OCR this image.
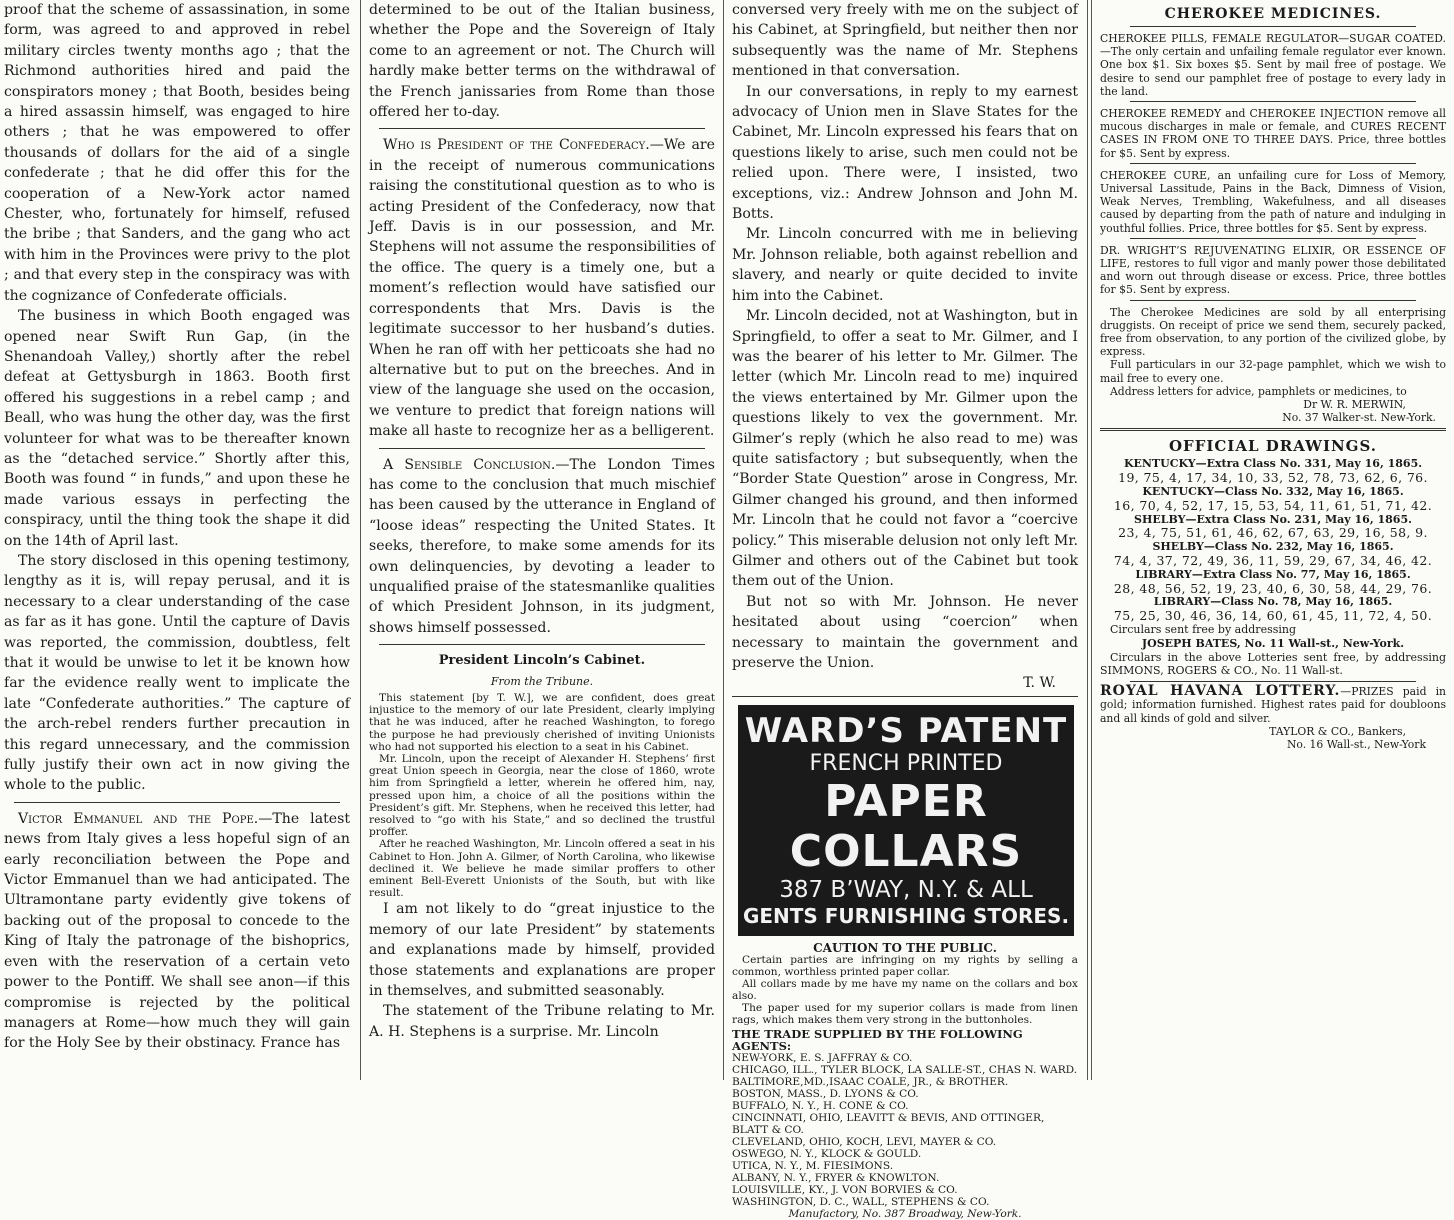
proof that the scheme of assassination, in some form, was agreed to and approved in rebel military circles twenty months ago ; that the Richmond authorities hired and paid the conspirators money ; that Booth, besides being a hired assassin himself, was engaged to hire others ; that he was empowered to offer thousands of dollars for the aid of a single confederate ; that he did offer this for the cooperation of a New-York actor named Chester, who, fortunately for himself, refused the bribe ; that Sanders, and the gang who act with him in the Provinces were privy to the plot ; and that every step in the conspiracy was with the cognizance of Confederate officials.

The business in which Booth engaged was opened near Swift Run Gap, (in the Shenandoah Valley,) shortly after the rebel defeat at Gettysburgh in 1863. Booth first offered his suggestions in a rebel camp ; and Beall, who was hung the other day, was the first volunteer for what was to be thereafter known as the “detached service.” Shortly after this, Booth was found “ in funds,” and upon these he made various essays in perfecting the conspiracy, until the thing took the shape it did on the 14th of April last.

The story disclosed in this opening testimony, lengthy as it is, will repay perusal, and it is necessary to a clear understanding of the case as far as it has gone. Until the capture of Davis was reported, the commission, doubtless, felt that it would be unwise to let it be known how far the evidence really went to implicate the late “Confederate authorities.” The capture of the arch-rebel renders further precaution in this regard unnecessary, and the commission fully justify their own act in now giving the whole to the public.

Victor Emmanuel and the Pope.—The latest news from Italy gives a less hopeful sign of an early reconciliation between the Pope and Victor Emmanuel than we had anticipated. The Ultramontane party evidently give tokens of backing out of the proposal to concede to the King of Italy the patronage of the bishoprics, even with the reservation of a certain veto power to the Pontiff. We shall see anon—if this compromise is rejected by the political managers at Rome—how much they will gain for the Holy See by their obstinacy. France has

determined to be out of the Italian business, whether the Pope and the Sovereign of Italy come to an agreement or not. The Church will hardly make better terms on the withdrawal of the French janissaries from Rome than those offered her to-day.

Who is President of the Confederacy.—We are in the receipt of numerous communications raising the constitutional question as to who is acting President of the Confederacy, now that Jeff. Davis is in our possession, and Mr. Stephens will not assume the responsibilities of the office. The query is a timely one, but a moment’s reflection would have satisfied our correspondents that Mrs. Davis is the legitimate successor to her husband’s duties. When he ran off with her petticoats she had no alternative but to put on the breeches. And in view of the language she used on the occasion, we venture to predict that foreign nations will make all haste to recognize her as a belligerent.

A Sensible Conclusion.—The London Times has come to the conclusion that much mischief has been caused by the utterance in England of “loose ideas” respecting the United States. It seeks, therefore, to make some amends for its own delinquencies, by devoting a leader to unqualified praise of the statesmanlike qualities of which President Johnson, in its judgment, shows himself possessed.

President Lincoln’s Cabinet.
From the Tribune.

This statement [by T. W.], we are confident, does great injustice to the memory of our late President, clearly implying that he was induced, after he reached Washington, to forego the purpose he had previously cherished of inviting Unionists who had not supported his election to a seat in his Cabinet.

Mr. Lincoln, upon the receipt of Alexander H. Stephens’ first great Union speech in Georgia, near the close of 1860, wrote him from Springfield a letter, wherein he offered him, nay, pressed upon him, a choice of all the positions within the President’s gift. Mr. Stephens, when he received this letter, had resolved to “go with his State,” and so declined the trustful proffer.

After he reached Washington, Mr. Lincoln offered a seat in his Cabinet to Hon. John A. Gilmer, of North Carolina, who likewise declined it. We believe he made similar proffers to other eminent Bell-Everett Unionists of the South, but with like result.

I am not likely to do “great injustice to the memory of our late President” by statements and explanations made by himself, provided those statements and explanations are proper in themselves, and submitted seasonably.

The statement of the Tribune relating to Mr. A. H. Stephens is a surprise. Mr. Lincoln

conversed very freely with me on the subject of his Cabinet, at Springfield, but neither then nor subsequently was the name of Mr. Stephens mentioned in that conversation.

In our conversations, in reply to my earnest advocacy of Union men in Slave States for the Cabinet, Mr. Lincoln expressed his fears that on questions likely to arise, such men could not be relied upon. There were, I insisted, two exceptions, viz.: Andrew Johnson and John M. Botts.

Mr. Lincoln concurred with me in believing Mr. Johnson reliable, both against rebellion and slavery, and nearly or quite decided to invite him into the Cabinet.

Mr. Lincoln decided, not at Washington, but in Springfield, to offer a seat to Mr. Gilmer, and I was the bearer of his letter to Mr. Gilmer. The letter (which Mr. Lincoln read to me) inquired the views entertained by Mr. Gilmer upon the questions likely to vex the government. Mr. Gilmer’s reply (which he also read to me) was quite satisfactory ; but subsequently, when the “Border State Question” arose in Congress, Mr. Gilmer changed his ground, and then informed Mr. Lincoln that he could not favor a “coercive policy.” This miserable delusion not only left Mr. Gilmer and others out of the Cabinet but took them out of the Union.

But not so with Mr. Johnson. He never hesitated about using “coercion” when necessary to maintain the government and preserve the Union.

T. W.
WARD’S PATENT
FRENCH PRINTED
PAPER COLLARS
387 B’WAY, N.Y. & ALL
GENTS FURNISHING STORES.
CAUTION TO THE PUBLIC.

Certain parties are infringing on my rights by selling a common, worthless printed paper collar.

All collars made by me have my name on the collars and box also.

The paper used for my superior collars is made from linen rags, which makes them very strong in the buttonholes.

THE TRADE SUPPLIED BY THE FOLLOWING AGENTS:
NEW-YORK, E. S. JAFFRAY & CO.
CHICAGO, ILL., TYLER BLOCK, LA SALLE-ST., CHAS N. WARD.
BALTIMORE,MD.,ISAAC COALE, JR., & BROTHER.
BOSTON, MASS., D. LYONS & CO.
BUFFALO, N. Y., H. CONE & CO.
CINCINNATI, OHIO, LEAVITT & BEVIS, AND OTTINGER, BLATT & CO.
CLEVELAND, OHIO, KOCH, LEVI, MAYER & CO.
OSWEGO, N. Y., KLOCK & GOULD.
UTICA, N. Y., M. FIESIMONS.
ALBANY, N. Y., FRYER & KNOWLTON.
LOUISVILLE, KY., J. VON BORVIES & CO.
WASHINGTON, D. C., WALL, STEPHENS & CO.
Manufactory, No. 387 Broadway, New-York.
CHEROKEE MEDICINES.

CHEROKEE PILLS, FEMALE REGULATOR—SUGAR COATED.—The only certain and unfailing female regulator ever known. One box $1. Six boxes $5. Sent by mail free of postage. We desire to send our pamphlet free of postage to every lady in the land.

CHEROKEE REMEDY and CHEROKEE INJECTION remove all mucous discharges in male or female, and CURES RECENT CASES IN FROM ONE TO THREE DAYS. Price, three bottles for $5. Sent by express.

CHEROKEE CURE, an unfailing cure for Loss of Memory, Universal Lassitude, Pains in the Back, Dimness of Vision, Weak Nerves, Trembling, Wakefulness, and all diseases caused by departing from the path of nature and indulging in youthful follies. Price, three bottles for $5. Sent by express.

DR. WRIGHT’S REJUVENATING ELIXIR, OR ESSENCE OF LIFE, restores to full vigor and manly power those debilitated and worn out through disease or excess. Price, three bottles for $5. Sent by express.

The Cherokee Medicines are sold by all enterprising druggists. On receipt of price we send them, securely packed, free from observation, to any portion of the civilized globe, by express.

Full particulars in our 32-page pamphlet, which we wish to mail free to every one.

Address letters for advice, pamphlets or medicines, to

Dr W. R. MERWIN,
No. 37 Walker-st. New-York.
OFFICIAL DRAWINGS.
KENTUCKY—Extra Class No. 331, May 16, 1865.
19, 75, 4, 17, 34, 10, 33, 52, 78, 73, 62, 6, 76.
KENTUCKY—Class No. 332, May 16, 1865.
16, 70, 4, 52, 17, 15, 53, 54, 11, 61, 51, 71, 42.
SHELBY—Extra Class No. 231, May 16, 1865.
23, 4, 75, 51, 61, 46, 62, 67, 63, 29, 16, 58, 9.
SHELBY—Class No. 232, May 16, 1865.
74, 4, 37, 72, 49, 36, 11, 59, 29, 67, 34, 46, 42.
LIBRARY—Extra Class No. 77, May 16, 1865.
28, 48, 56, 52, 19, 23, 40, 6, 30, 58, 44, 29, 76.
LIBRARY—Class No. 78, May 16, 1865.
75, 25, 30, 46, 36, 14, 60, 61, 45, 11, 72, 4, 50.
Circulars sent free by addressing
JOSEPH BATES, No. 11 Wall-st., New-York.

Circulars in the above Lotteries sent free, by addressing SIMMONS, ROGERS & CO., No. 11 Wall-st.

ROYAL HAVANA LOTTERY.—PRIZES paid in gold; information furnished. Highest rates paid for doubloons and all kinds of gold and silver.

TAYLOR & CO., Bankers,
No. 16 Wall-st., New-York
